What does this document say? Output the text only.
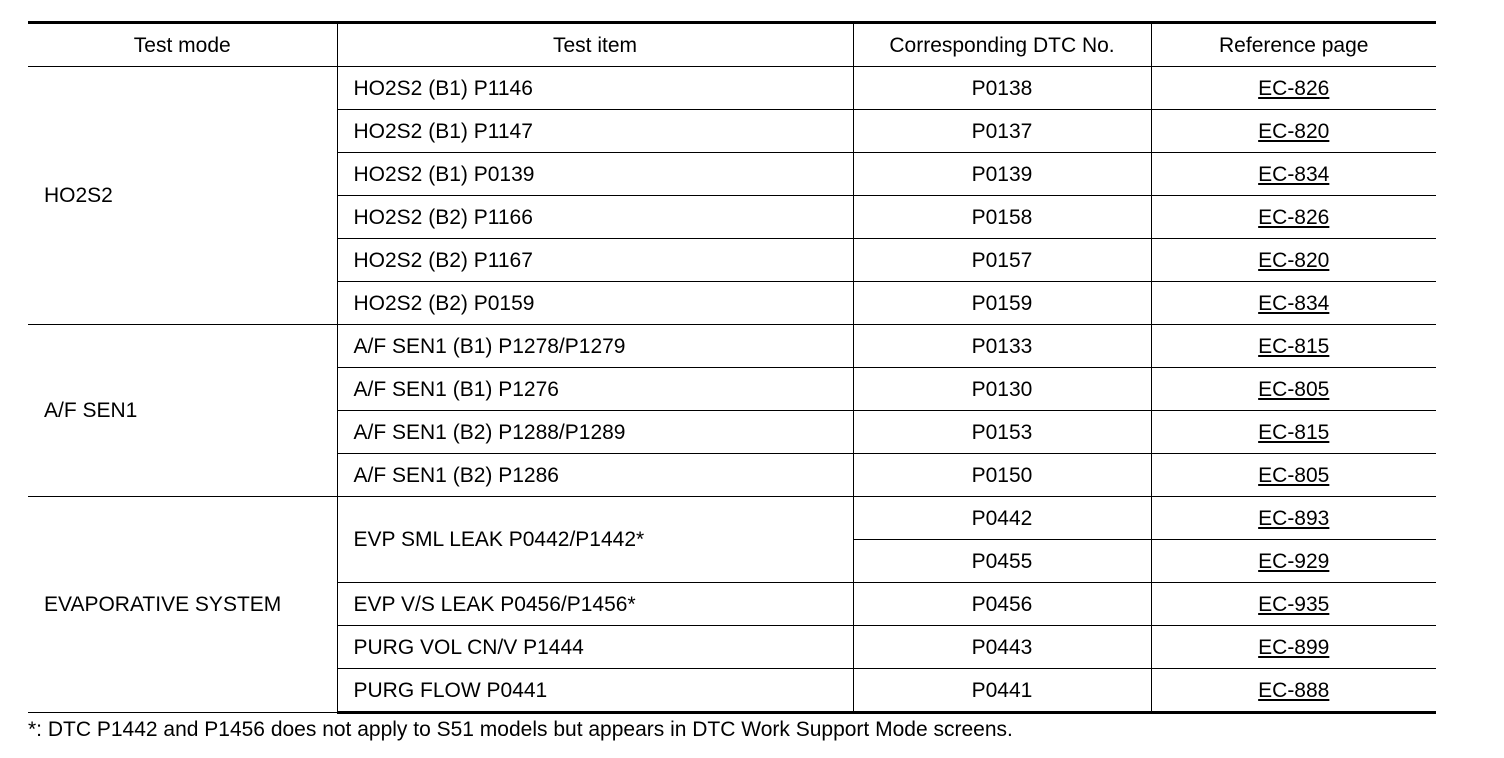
Test mode	Test item	Corresponding DTC No.	Reference page
HO2S2	HO2S2 (B1) P1146	P0138	EC-826
	HO2S2 (B1) P1147	P0137	EC-820
	HO2S2 (B1) P0139	P0139	EC-834
	HO2S2 (B2) P1166	P0158	EC-826
	HO2S2 (B2) P1167	P0157	EC-820
	HO2S2 (B2) P0159	P0159	EC-834
A/F SEN1	A/F SEN1 (B1) P1278/P1279	P0133	EC-815
	A/F SEN1 (B1) P1276	P0130	EC-805
	A/F SEN1 (B2) P1288/P1289	P0153	EC-815
	A/F SEN1 (B2) P1286	P0150	EC-805
EVAPORATIVE SYSTEM	EVP SML LEAK P0442/P1442*	P0442	EC-893
		P0455	EC-929
	EVP V/S LEAK P0456/P1456*	P0456	EC-935
	PURG VOL CN/V P1444	P0443	EC-899
	PURG FLOW P0441	P0441	EC-888
*: DTC P1442 and P1456 does not apply to S51 models but appears in DTC Work Support Mode screens.
